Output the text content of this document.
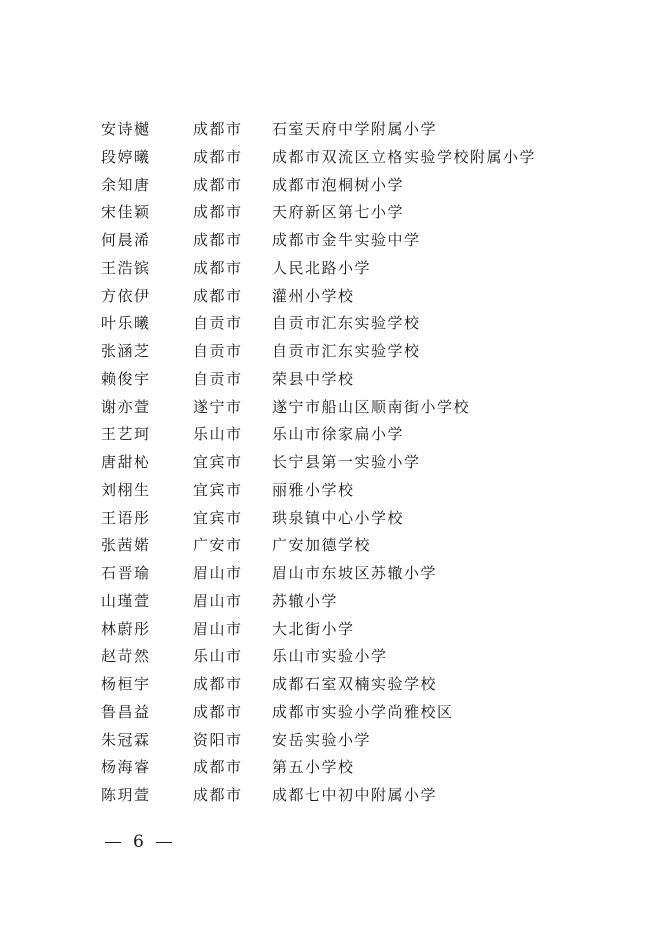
安诗樾	成都市 石室天府中学附属小学
段婷曦	成都市 成都市双流区立格实验学校附属小学
余知唐	成都市 成都市泡桐树小学
宋佳颖	成都市 天府新区第七小学
何晨浠	成都市 成都市金牛实验中学
王浩镔	成都市 人民北路小学
方依伊	成都市 灌州小学校
叶乐曦	自贡市 自贡市汇东实验学校
张涵芝	自贡市 自贡市汇东实验学校
赖俊宇	自贡市 荣县中学校
谢亦萱	遂宁市 遂宁市船山区顺南街小学校
王艺珂	乐山市 乐山市徐家扁小学
唐甜杺	宜宾市 长宁县第一实验小学
刘栩生	宜宾市 丽雅小学校
王语彤	宜宾市 珙泉镇中心小学校
张茜婼	广安市 广安加德学校
石晋瑜	眉山市 眉山市东坡区苏辙小学
山瑾萱	眉山市 苏辙小学
林蔚彤	眉山市 大北街小学
赵苛然	乐山市 乐山市实验小学
杨桓宇	成都市 成都石室双楠实验学校
鲁昌益	成都市 成都市实验小学尚雅校区
朱冠霖	资阳市 安岳实验小学
杨海睿	成都市 第五小学校
陈玥萱	成都市 成都七中初中附属小学
6
